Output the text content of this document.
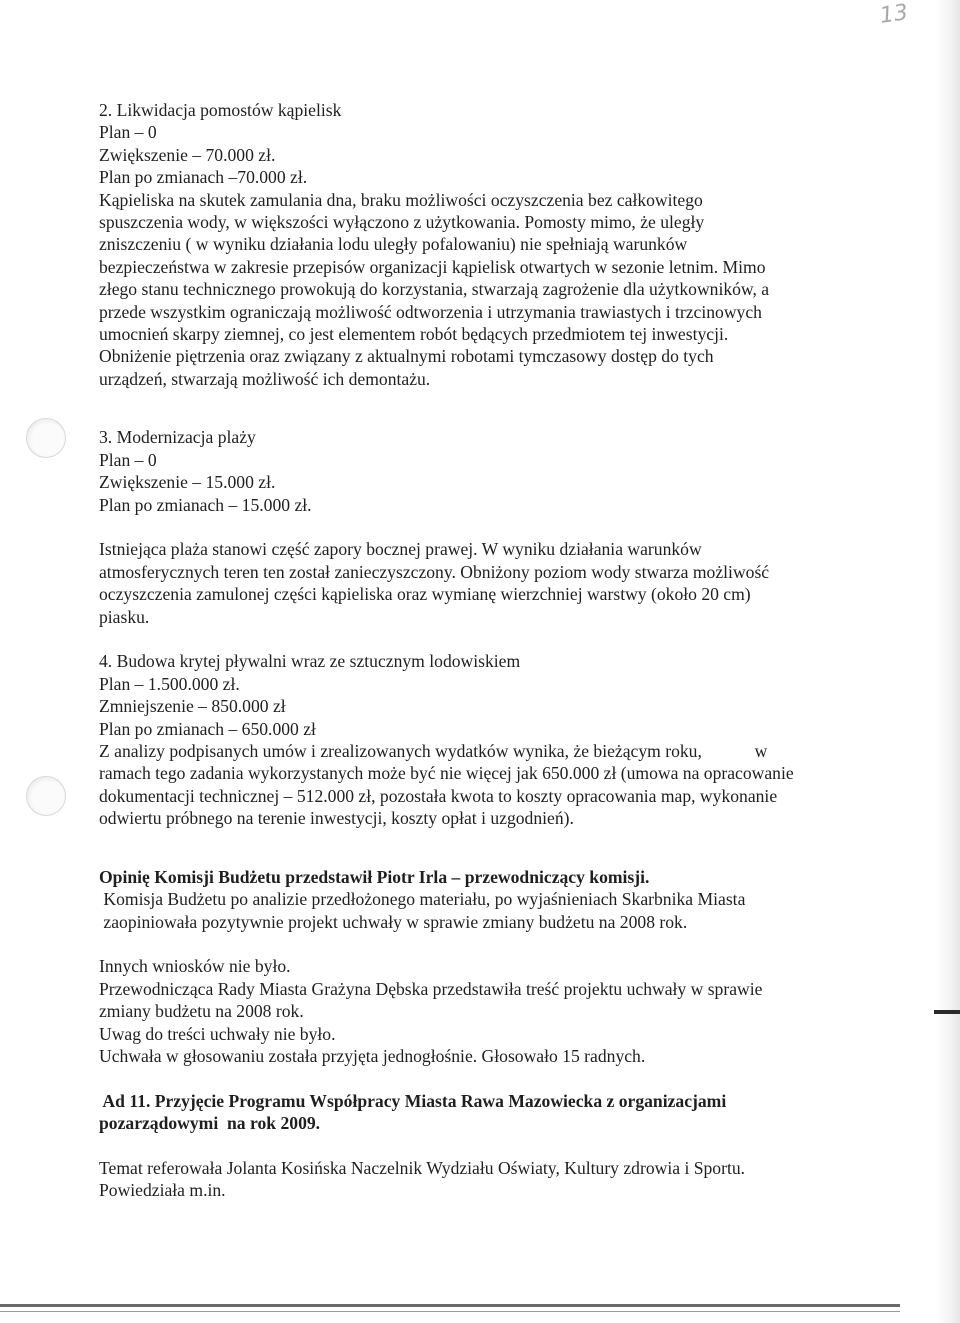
13
2. Likwidacja pomostów kąpielisk
Plan – 0
Zwiększenie – 70.000 zł.
Plan po zmianach –70.000 zł.
Kąpieliska na skutek zamulania dna, braku możliwości oczyszczenia bez całkowitego
spuszczenia wody, w większości wyłączono z użytkowania. Pomosty mimo, że uległy
zniszczeniu ( w wyniku działania lodu uległy pofalowaniu) nie spełniają warunków
bezpieczeństwa w zakresie przepisów organizacji kąpielisk otwartych w sezonie letnim. Mimo
złego stanu technicznego prowokują do korzystania, stwarzają zagrożenie dla użytkowników, a
przede wszystkim ograniczają możliwość odtworzenia i utrzymania trawiastych i trzcinowych
umocnień skarpy ziemnej, co jest elementem robót będących przedmiotem tej inwestycji.
Obniżenie piętrzenia oraz związany z aktualnymi robotami tymczasowy dostęp do tych
urządzeń, stwarzają możliwość ich demontażu.
3. Modernizacja plaży
Plan – 0
Zwiększenie – 15.000 zł.
Plan po zmianach – 15.000 zł.
Istniejąca plaża stanowi część zapory bocznej prawej. W wyniku działania warunków
atmosferycznych teren ten został zanieczyszczony. Obniżony poziom wody stwarza możliwość
oczyszczenia zamulonej części kąpieliska oraz wymianę wierzchniej warstwy (około 20 cm)
piasku.
4. Budowa krytej pływalni wraz ze sztucznym lodowiskiem
Plan – 1.500.000 zł.
Zmniejszenie – 850.000 zł
Plan po zmianach – 650.000 zł
Z analizy podpisanych umów i zrealizowanych wydatków wynika, że bieżącym roku,            w
ramach tego zadania wykorzystanych może być nie więcej jak 650.000 zł (umowa na opracowanie
dokumentacji technicznej – 512.000 zł, pozostała kwota to koszty opracowania map, wykonanie
odwiertu próbnego na terenie inwestycji, koszty opłat i uzgodnień).
Opinię Komisji Budżetu przedstawił Piotr Irla – przewodniczący komisji.
Komisja Budżetu po analizie przedłożonego materiału, po wyjaśnieniach Skarbnika Miasta
zaopiniowała pozytywnie projekt uchwały w sprawie zmiany budżetu na 2008 rok.
Innych wniosków nie było.
Przewodnicząca Rady Miasta Grażyna Dębska przedstawiła treść projektu uchwały w sprawie
zmiany budżetu na 2008 rok.
Uwag do treści uchwały nie było.
Uchwała w głosowaniu została przyjęta jednogłośnie. Głosowało 15 radnych.
Ad 11. Przyjęcie Programu Współpracy Miasta Rawa Mazowiecka z organizacjami
pozarządowymi  na rok 2009.
Temat referowała Jolanta Kosińska Naczelnik Wydziału Oświaty, Kultury zdrowia i Sportu.
Powiedziała m.in.
